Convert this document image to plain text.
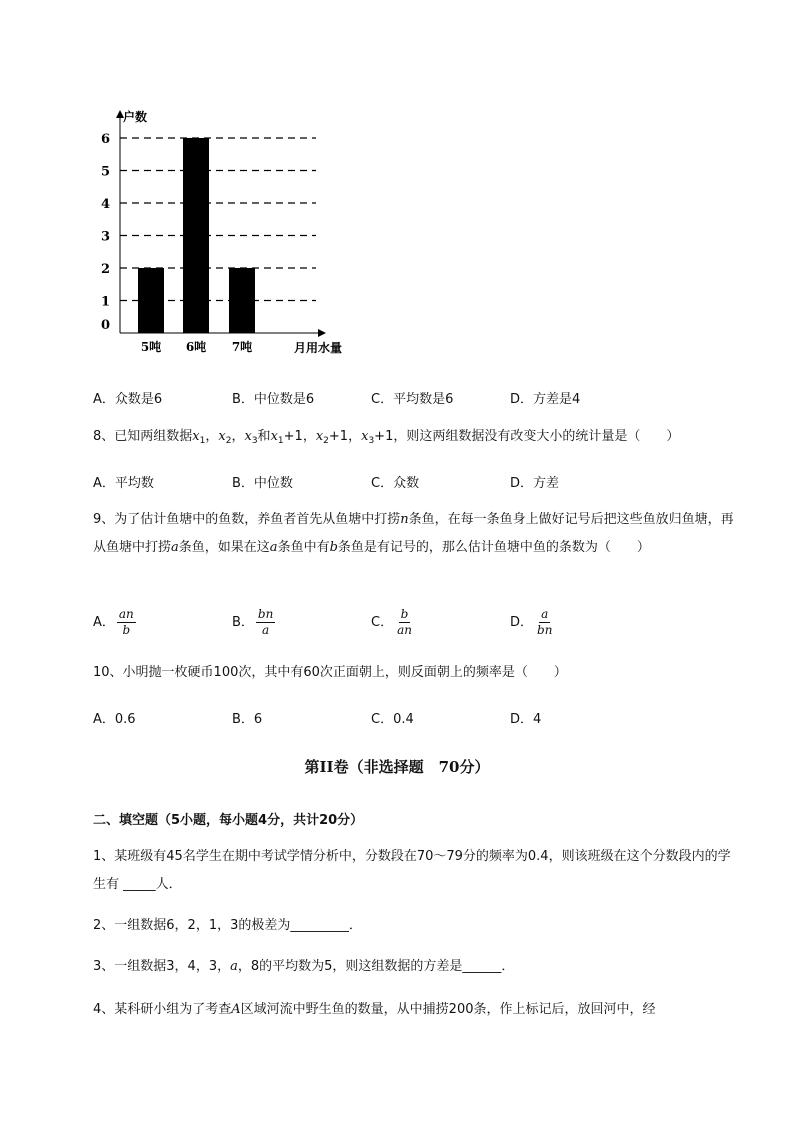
0
1
2
3
4
5
6
户数
月用水量
5吨 6吨 7吨
A．众数是6	B．中位数是6	C．平均数是6	D．方差是4
8、已知两组数据$x_1$，$x_2$，$x_3$和$x_1+1$，$x_2+1$，$x_3+1$，则这两组数据没有改变大小的统计量是（　　）
A．平均数	B．中位数	C．众数	D．方差
9、为了估计鱼塘中的鱼数，养鱼者首先从鱼塘中打捞n条鱼，在每一条鱼身上做好记号后把这些鱼放归鱼塘，再从鱼塘中打捞a条鱼，如果在这a条鱼中有b条鱼是有记号的，那么估计鱼塘中鱼的条数为（　　）
A． $\frac{an}{b}$	B． $\frac{bn}{a}$	C． $\frac{b}{an}$	D． $\frac{a}{bn}$
10、小明抛一枚硬币100次，其中有60次正面朝上，则反面朝上的频率是（　　）
A．0.6	B．6	C．0.4	D．4
第II卷（非选择题　70分）
二、填空题（5小题，每小题4分，共计20分）
1、某班级有45名学生在期中考试学情分析中，分数段在70～79分的频率为0.4，则该班级在这个分数段内的学生有 _____人．
2、一组数据6，2，1，3的极差为_________．
3、一组数据3，4，3，a，8的平均数为5，则这组数据的方差是______．
4、某科研小组为了考查A区域河流中野生鱼的数量，从中捕捞200条，作上标记后，放回河中，经
